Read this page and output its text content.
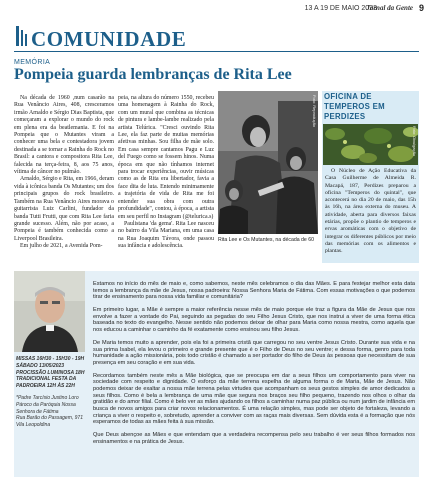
13 A 19 DE MAIO 2023
Jornal da Gente 9
COMUNIDADE
MEMÓRIA
Pompeia guarda lembranças de Rita Lee

Na década de 1960 ,num casarão na Rua Venâncio Aires, 408, cresceramos irmão Arnaldo e Sérgio Dias Baptista, que começaram a explorar o mundo do rock em plena era da beatlemania. E foi na Pompeia que o Mutantes viram a conhecer uma bela e contestadora jovem destinada a se tornar a Rainha do Rock no Brasil: a cantora e compositora Rita Lee, falecida na terça-feira, 8, aos 75 anos, vítima de câncer no pulmão.

Arnaldo, Sérgio e Rita, em 1966, deram vida à icônica banda Os Mutantes; um dos principais grupos do rock brasileiro. Também na Rua Venâncio Aires morava o guitarrista Luiz Carlini, fundador da banda Tutti Frutti, que com Rita Lee faria grande sucesso. Além, não por acaso, a Pompeia é também conhecida como a Liverpool Brasileira.

Em julho de 2021, a Avenida Pom-

peia, na altura do número 1550, recebeu uma homenagem à Rainha do Rock, com um mural que combina as técnicas de pintura e lambe-lambe realizado pela artista Telúrica. "Cresci ouvindo Rita Lee, ela faz parte de muitas memórias afetivas minhas. Sou filha de mãe solo. Em casa sempre cantamos Pagu e Luz del Fuego como se fossem hinos. Numa época em que não tínhamos internet para trocar experiências, ouvir músicas como as de Rita era libertador, favia a face dita de luta. Entendo minimamente a trajetória de vida de Rita me foi entender sua obra com outra profundidade", contou, à época, a artista em seu perfil no Instagram (@telurica.s)

Paulistana 'da gema'. Rita Lee nasceu no bairro da Vila Mariana, em uma casa na Rua Joaquim Távora, onde passou sua infância e adolescência.

Foto: Reprodução
Rita Lee e Os Mutantes, na década de 60
OFICINA DE TEMPEROS EM PERDIZES
Foto: Divulgação
O Núcleo de Ação Educativa da Casa Guilherme de Almeida R. Macapá, 187, Perdizes preparou a oficina "Temperos do quintal", que acontecerá no dia 20 de maio, das 15h às 16h, na área externa do museu. A atividade, aberta para diversos faixas etárias, propõe o plantio de temperos e ervas aromáticas com o objetivo de integrar os diferentes públicos por meio das memórias com os alimentos e plantas.
MISSAS 16H30 - 15H30 - 19H
SÁBADO 13/05/2023
PROCISSÃO LUMINOSA 18H
TRADICIONAL FESTA DA
PADROEIRA 12H ÀS 22H
*Padre Tarcísio Justino Loro
Pároco da Paróquia Nossa
Senhora de Fátima
Rua Barão do Passagem, 971
Vila Leopoldina

Estamos no início do mês de maio e, como sabemos, neste mês celebramos o dia das Mães. E para festejar melhor esta data temos a lembrança da mãe de Jesus, nossa padroeira: Nossa Senhora Maria de Fátima. Com essas motivações o que podemos tirar de ensinamento para nossa vida familiar e comunitária?

Em primeiro lugar, a Mãe é sempre a maior referência nesse mês de maio porque ele traz a figura da Mãe de Jesus que nos envolve a fazer a vontade do Pai, seguindo as pegadas do seu Filho Jesus Cristo, que nos instrui a viver de uma forma ética baseada no texto do evangelho. Nesse sentido não podemos deixar de olhar para Maria como nossa mestra, como aquela que nos educou a caminhar o caminho da fé exatamente como ensinou seu filho Jesus.

De Maria temos muito a aprender, pois ela foi a primeira cristã que carregou no seu ventre Jesus Cristo. Durante sua vida e na sua prima Isabel, ela levou o primeiro e grande presente que é o Filho de Deus no seu ventre; e dessa forma, genro para toda humanidade a ação missionária, pois todo cristão é chamado a ser portador do filho de Deus às pessoas que necessitam de sua presença em seu coração e em sua vida.

Recordamos também neste mês a Mãe biológica, que se preocupa em dar a seus filhos um comportamento para viver na sociedade com respeito e dignidade. O esforço da mãe terrena espelha de alguma forma o de Maria, Mãe de Jesus. Não podemos deixar de exaltar a nossa mãe terrena pelas virtudes que acompanham os seus gestos simples de amor dedicados a seus filhos. Como é bela a lembrança de uma mãe que segura nos braços seu filho pequeno, trazendo nos olhos o olhar da gratidão e do amor filial. Como é belo ver as mães ajudando os filhos a caminhar numa paz pública ou num jardim de infância em busca de novos amigos para criar novos relacionamentos. É uma relação simples, mas pode ser objeto de fortaleza, levando a criança a viver o respeito e, sobretudo, aprender a conviver com as raças mais diversas. Sem dúvida esta é a formação que nós esperamos de todas as mães feita à sua missão.

Que Deus abençoe as Mães e que entendam que a verdadeira recompensa pelo seu trabalho é ver seus filhos formados nos ensinamentos e na prática de Jesus.
